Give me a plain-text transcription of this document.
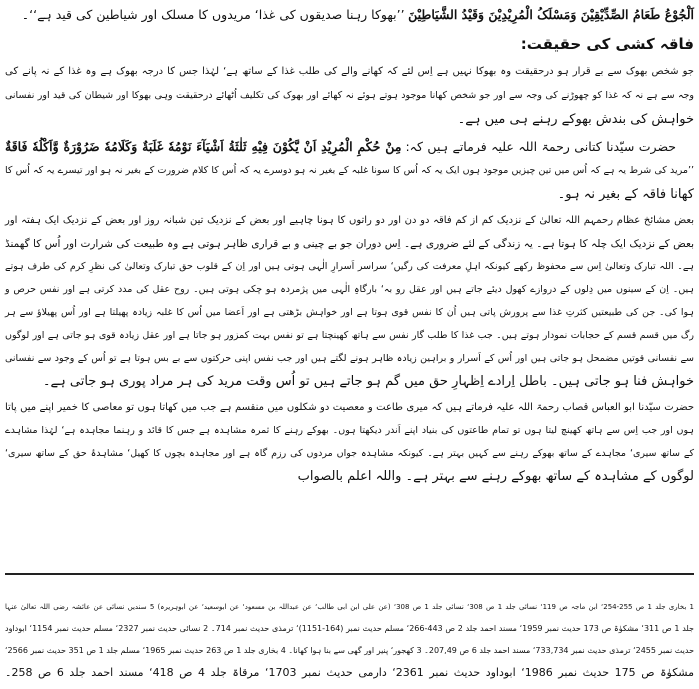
اَلْجُوْعُ طَعَامُ الصِّدِّيْقِيْنَ وَمَسْلَکُ الْمُرِيْدِيْنَ وَقَيْدُ الشَّيَاطِيْنَ ’’بھوکا رہنا صدیقوں کی غذا‘ مریدوں کا مسلک اور شیاطین کی قید ہے‘‘۔
فاقہ کشی کی حقیقت:
جو شخص بھوک سے بے قرار ہو درحقیقت وہ بھوکا نہیں ہے اِس لئے کہ کھانے والے کی طلب غذا کے ساتھ ہے‘ لہٰذا جس کا درجہ بھوک ہے وہ غذا کے نہ پانے کی
وجہ سے ہے نہ کہ غذا کو چھوڑنے کی وجہ سے اور جو شخص کھانا موجود ہوتے ہوئے نہ کھائے اور بھوک کی تکلیف اُٹھائے درحقیقت وہی بھوکا اور شیطان کی قید اور نفسانی
خواہش کی بندش بھوکے رہنے ہی میں ہے۔
حضرت سیّدنا کتانی رحمۃ اللہ علیہ فرماتے ہیں کہ: مِنْ حُکْمِ الْمُرِيْدِ اَنْ يَّکُوْنَ فِيْهِ ثَلٰثَةُ اَشْيَآءَ نَوْمُهٗ غَلَبَةٌ وَكَلَامُهٗ ضَرُوْرَةٌ وَّاَكْلُهٗ فَاقَةٌ
’’مرید کی شرط یہ ہے کہ اُس میں تین چیزیں موجود ہوں ایک یہ کہ اُس کا سونا غلبہ کے بغیر نہ ہو دوسرے یہ کہ اُس کا کلام ضرورت کے بغیر نہ ہو اور تیسرے یہ کہ اُس کا
کھانا فاقہ کے بغیر نہ ہو۔
بعض مشائخ عظام رحمہم اللہ تعالیٰ کے نزدیک کم از کم فاقہ دو دن اور دو راتوں کا ہونا چاہیے اور بعض کے نزدیک تین شبانہ روز اور بعض کے نزدیک ایک ہفتہ اور
بعض کے نزدیک ایک چلہ کا ہوتا ہے۔ یہ زندگی کے لئے ضروری ہے۔ اِس دوران جو بے چینی و بے قراری ظاہر ہوتی ہے وہ طبیعت کی شرارت اور اُس کا گھمنڈ
ہے۔ اللہ تبارک وتعالیٰ اِس سے محفوظ رکھے کیونکہ اہلِ معرفت کی رگیں‘ سراسر اَسرارِ الٰہی ہوتی ہیں اور اِن کے قلوب حق تبارک وتعالیٰ کی نظرِ کرم کی طرف ہوتے
ہیں۔ اِن کے سینوں میں دِلوں کے دروازے کھول دیئے جاتے ہیں اور عقل رو بہ‘ بارگاہِ الٰہی میں پژمردہ ہو چکی ہوتی ہیں۔ روح عقل کی مدد کرتی ہے اور نفس حرص و
ہوا کی۔ جن کی طبیعتیں کثرتِ غذا سے پرورش پاتی ہیں اُن کا نفس قوی ہوتا ہے اور خواہش بڑھتی ہے اور اَعضا میں اُس کا غلبہ زیادہ پھیلتا ہے اور اُس پھیلاؤ سے ہر
رگ میں قسم قسم کے حجابات نمودار ہوتے ہیں۔ جب غذا کا طلب گار نفس سے ہاتھ کھینچتا ہے تو نفس بہت کمزور ہو جاتا ہے اور عقل زیادہ قوی ہو جاتی ہے اور لوگوں
سے نفسانی قوتیں مضمحل ہو جاتی ہیں اور اُس کے اَسرار و براہین زیادہ ظاہر ہونے لگتے ہیں اور جب نفس اپنی حرکتوں سے بے بس ہوتا ہے تو اُس کے وجود سے نفسانی
خواہش فنا ہو جاتی ہیں۔ باطل اِرادے اِظہارِ حق میں گم ہو جاتے ہیں تو اُس وقت مرید کی ہر مراد پوری ہو جاتی ہے۔
حضرت سیّدنا ابو العباس قصاب رحمۃ اللہ علیہ فرماتے ہیں کہ میری طاعت و معصیت دو شکلوں میں منقسم ہے جب میں کھاتا ہوں تو معاصی کا خمیر اپنے میں پاتا
ہوں اور جب اِس سے ہاتھ کھینچ لیتا ہوں تو تمام طاعتوں کی بنیاد اپنے اَندر دیکھتا ہوں۔ بھوکے رہنے کا ثمرہ مشاہدہ ہے جس کا قائد و رہنما مجاہدہ ہے‘ لہٰذا مشاہدے
کے ساتھ سیری‘ مجاہدے کے ساتھ بھوکے رہنے سے کہیں بہتر ہے۔ کیونکہ مشاہدہ جواں مردوں کی رزم گاہ ہے اور مجاہدہ بچوں کا کھیل‘ مشاہدۂ حق کے ساتھ سیری‘
لوگوں کے مشاہدہ کے ساتھ بھوکے رہنے سے بہتر ہے۔ واللہ اعلم بالصواب
1 بخاری جلد 1 ص 255-254‘ ابن ماجہ ص 119‘ نسائی جلد 1 ص 308‘ نسائی جلد 1 ص 308‘ (عن علی ابن ابی طالب‘ عن عبداللہ بن مسعود‘ عن ابوسعید‘ عن ابوہریرہ) 5 سندیں نسائی عن عائشہ رضی اللہ تعالیٰ عنہا
جلد 1 ص 311‘ مشکوٰۃ ص 173 حدیث نمبر 1959‘ مسند احمد جلد 2 ص 443-266‘ مسلم حدیث نمبر (164-1151)‘ ترمذی حدیث نمبر 714۔ 2 نسائی حدیث نمبر 2327‘ مسلم حدیث نمبر 1154‘ ابوداود
حدیث نمبر 2455‘ ترمذی حدیث نمبر 733,734‘ مسند احمد جلد 6 ص 207,49۔ 3 کھجور‘ پنیر اور گھی سے بنا ہوا کھانا۔ 4 بخاری جلد 1 ص 263 حدیث نمبر 1965‘ مسلم جلد 1 ص 351 حدیث نمبر 2566‘
مشکوٰۃ ص 175 حدیث نمبر 1986‘ ابوداود حدیث نمبر 2361‘ دارمی حدیث نمبر 1703‘ مرقاۃ جلد 4 ص 418‘ مسند احمد جلد 6 ص 258۔
